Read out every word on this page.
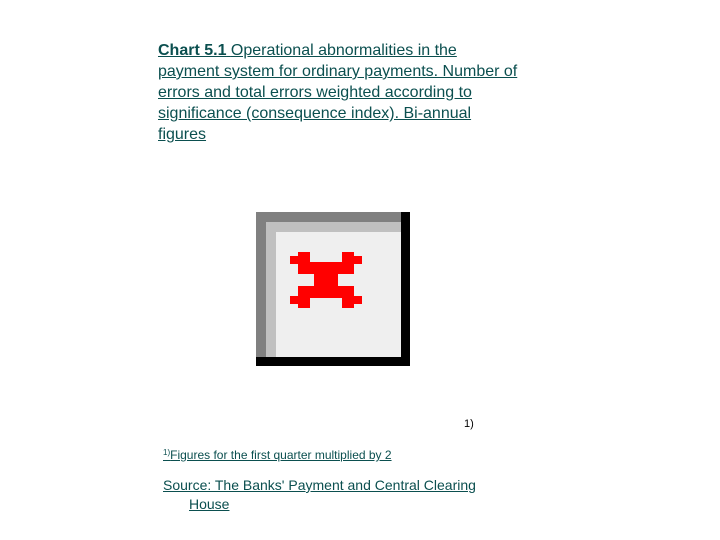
Chart 5.1 Operational abnormalities in the payment system for ordinary payments. Number of errors and total errors weighted according to significance (consequence index). Bi-annual figures

1)
$^{1)}$Figures for the first quarter multiplied by 2
Source: The Banks' Payment and Central Clearing
House
